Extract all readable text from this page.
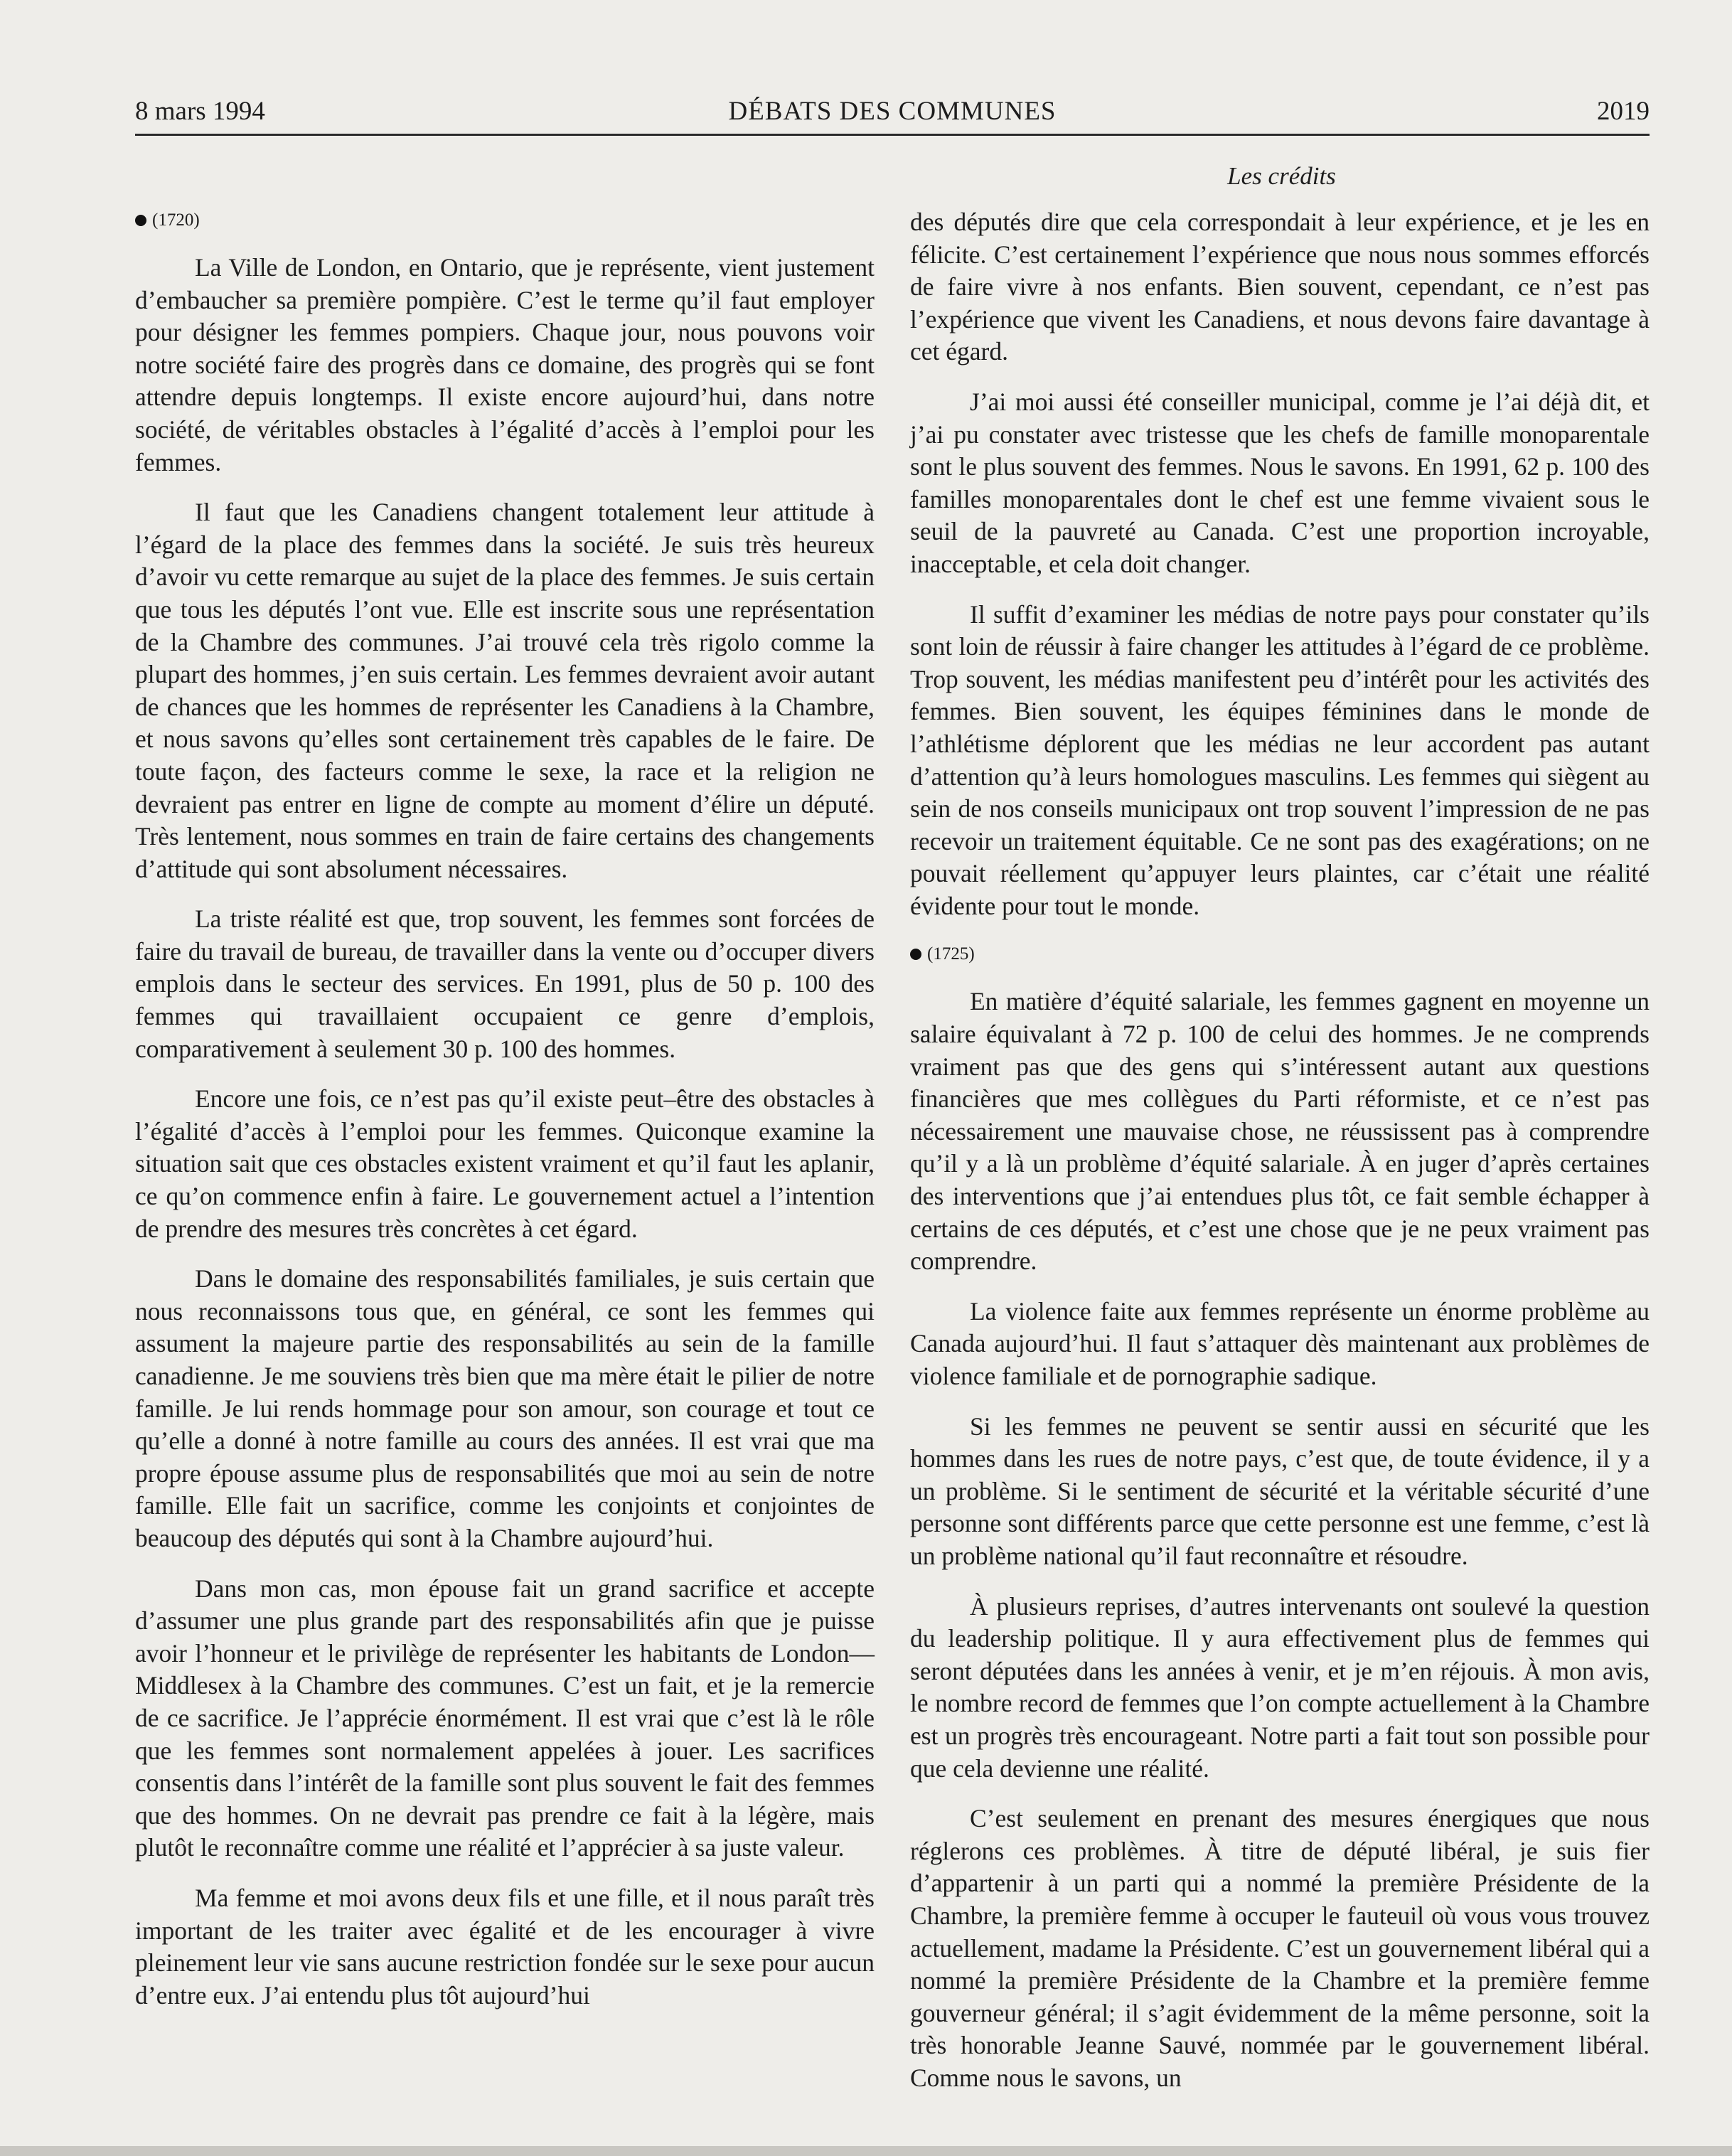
8 mars 1994	DÉBATS DES COMMUNES	2019
Les crédits
(1720)

La Ville de London, en Ontario, que je représente, vient justement d’embaucher sa première pompière. C’est le terme qu’il faut employer pour désigner les femmes pompiers. Chaque jour, nous pouvons voir notre société faire des progrès dans ce domaine, des progrès qui se font attendre depuis longtemps. Il existe encore aujourd’hui, dans notre société, de véritables obstacles à l’égalité d’accès à l’emploi pour les femmes.

Il faut que les Canadiens changent totalement leur attitude à l’égard de la place des femmes dans la société. Je suis très heureux d’avoir vu cette remarque au sujet de la place des femmes. Je suis certain que tous les députés l’ont vue. Elle est inscrite sous une représentation de la Chambre des communes. J’ai trouvé cela très rigolo comme la plupart des hommes, j’en suis certain. Les femmes devraient avoir autant de chances que les hommes de représenter les Canadiens à la Chambre, et nous savons qu’elles sont certainement très capables de le faire. De toute façon, des facteurs comme le sexe, la race et la religion ne devraient pas entrer en ligne de compte au moment d’élire un député. Très lentement, nous sommes en train de faire certains des changements d’attitude qui sont absolument nécessaires.

La triste réalité est que, trop souvent, les femmes sont forcées de faire du travail de bureau, de travailler dans la vente ou d’occuper divers emplois dans le secteur des services. En 1991, plus de 50 p. 100 des femmes qui travaillaient occupaient ce genre d’emplois, comparativement à seulement 30 p. 100 des hommes.

Encore une fois, ce n’est pas qu’il existe peut–être des obstacles à l’égalité d’accès à l’emploi pour les femmes. Quiconque examine la situation sait que ces obstacles existent vraiment et qu’il faut les aplanir, ce qu’on commence enfin à faire. Le gouvernement actuel a l’intention de prendre des mesures très concrètes à cet égard.

Dans le domaine des responsabilités familiales, je suis certain que nous reconnaissons tous que, en général, ce sont les femmes qui assument la majeure partie des responsabilités au sein de la famille canadienne. Je me souviens très bien que ma mère était le pilier de notre famille. Je lui rends hommage pour son amour, son courage et tout ce qu’elle a donné à notre famille au cours des années. Il est vrai que ma propre épouse assume plus de responsabilités que moi au sein de notre famille. Elle fait un sacrifice, comme les conjoints et conjointes de beaucoup des députés qui sont à la Chambre aujourd’hui.

Dans mon cas, mon épouse fait un grand sacrifice et accepte d’assumer une plus grande part des responsabilités afin que je puisse avoir l’honneur et le privilège de représenter les habitants de London—Middlesex à la Chambre des communes. C’est un fait, et je la remercie de ce sacrifice. Je l’apprécie énormément. Il est vrai que c’est là le rôle que les femmes sont normalement appelées à jouer. Les sacrifices consentis dans l’intérêt de la famille sont plus souvent le fait des femmes que des hommes. On ne devrait pas prendre ce fait à la légère, mais plutôt le reconnaître comme une réalité et l’apprécier à sa juste valeur.

Ma femme et moi avons deux fils et une fille, et il nous paraît très important de les traiter avec égalité et de les encourager à vivre pleinement leur vie sans aucune restriction fondée sur le sexe pour aucun d’entre eux. J’ai entendu plus tôt aujourd’hui

des députés dire que cela correspondait à leur expérience, et je les en félicite. C’est certainement l’expérience que nous nous sommes efforcés de faire vivre à nos enfants. Bien souvent, cependant, ce n’est pas l’expérience que vivent les Canadiens, et nous devons faire davantage à cet égard.

J’ai moi aussi été conseiller municipal, comme je l’ai déjà dit, et j’ai pu constater avec tristesse que les chefs de famille monoparentale sont le plus souvent des femmes. Nous le savons. En 1991, 62 p. 100 des familles monoparentales dont le chef est une femme vivaient sous le seuil de la pauvreté au Canada. C’est une proportion incroyable, inacceptable, et cela doit changer.

Il suffit d’examiner les médias de notre pays pour constater qu’ils sont loin de réussir à faire changer les attitudes à l’égard de ce problème. Trop souvent, les médias manifestent peu d’intérêt pour les activités des femmes. Bien souvent, les équipes féminines dans le monde de l’athlétisme déplorent que les médias ne leur accordent pas autant d’attention qu’à leurs homologues masculins. Les femmes qui siègent au sein de nos conseils municipaux ont trop souvent l’impression de ne pas recevoir un traitement équitable. Ce ne sont pas des exagérations; on ne pouvait réellement qu’appuyer leurs plaintes, car c’était une réalité évidente pour tout le monde.

(1725)

En matière d’équité salariale, les femmes gagnent en moyenne un salaire équivalant à 72 p. 100 de celui des hommes. Je ne comprends vraiment pas que des gens qui s’intéressent autant aux questions financières que mes collègues du Parti réformiste, et ce n’est pas nécessairement une mauvaise chose, ne réussissent pas à comprendre qu’il y a là un problème d’équité salariale. À en juger d’après certaines des interventions que j’ai entendues plus tôt, ce fait semble échapper à certains de ces députés, et c’est une chose que je ne peux vraiment pas comprendre.

La violence faite aux femmes représente un énorme problème au Canada aujourd’hui. Il faut s’attaquer dès maintenant aux problèmes de violence familiale et de pornographie sadique.

Si les femmes ne peuvent se sentir aussi en sécurité que les hommes dans les rues de notre pays, c’est que, de toute évidence, il y a un problème. Si le sentiment de sécurité et la véritable sécurité d’une personne sont différents parce que cette personne est une femme, c’est là un problème national qu’il faut reconnaître et résoudre.

À plusieurs reprises, d’autres intervenants ont soulevé la question du leadership politique. Il y aura effectivement plus de femmes qui seront députées dans les années à venir, et je m’en réjouis. À mon avis, le nombre record de femmes que l’on compte actuellement à la Chambre est un progrès très encourageant. Notre parti a fait tout son possible pour que cela devienne une réalité.

C’est seulement en prenant des mesures énergiques que nous réglerons ces problèmes. À titre de député libéral, je suis fier d’appartenir à un parti qui a nommé la première Présidente de la Chambre, la première femme à occuper le fauteuil où vous vous trouvez actuellement, madame la Présidente. C’est un gouvernement libéral qui a nommé la première Présidente de la Chambre et la première femme gouverneur général; il s’agit évidemment de la même personne, soit la très honorable Jeanne Sauvé, nommée par le gouvernement libéral. Comme nous le savons, un
